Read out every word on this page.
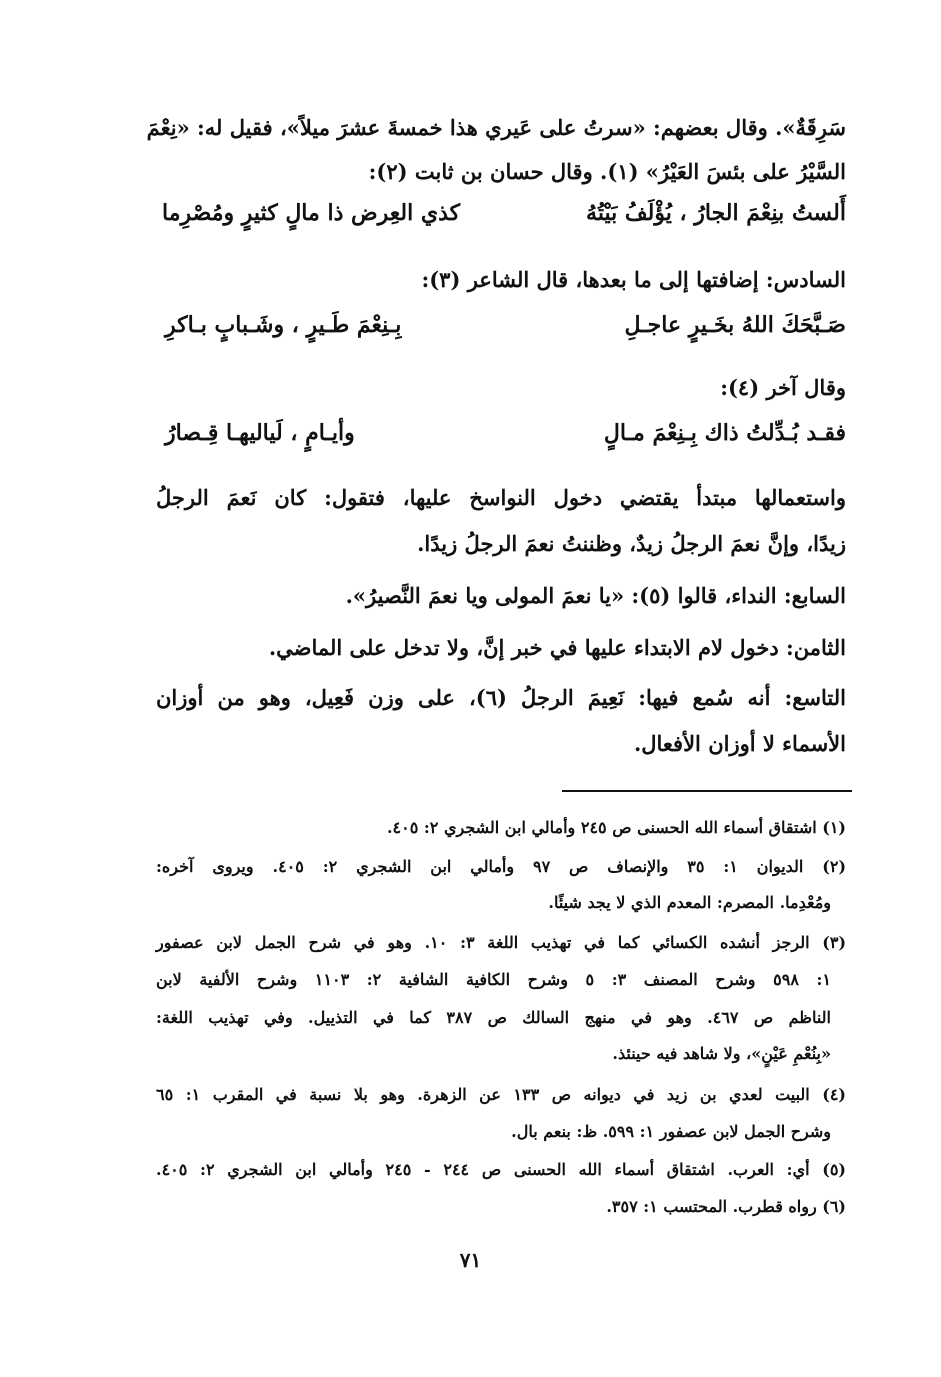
سَرِقَةٌ». وقال بعضهم: «سرتُ على عَيري هذا خمسةَ عشرَ ميلاً»، فقيل له: «نِعْمَ
السَّيْرُ على بئسَ العَيْرُ» (١). وقال حسان بن ثابت (٢):
أَلستُ بنِعْمَ الجارُ ، يُؤْلَفُ بَيْتُهُ
كذي العِرض ذا مالٍ كثيرٍ ومُصْرِما
السادس: إضافتها إلى ما بعدها، قال الشاعر (٣):
صَـبَّحَكَ اللهُ بخَـيرٍ عاجـلِ
بِـنِعْمَ طَـيرٍ ، وشَـبابٍ بـاكرِ
وقال آخر (٤):
فقـد بُـدِّلتُ ذاك بِـنِعْمَ مـالٍ
وأيـامٍ ، لَياليهـا قِـصارُ
واستعمالها مبتدأ يقتضي دخول النواسخ عليها، فتقول: كان نَعمَ الرجلُ
زيدًا، وإنَّ نعمَ الرجلُ زيدٌ، وظننتُ نعمَ الرجلُ زيدًا.
السابع: النداء، قالوا (٥): «يا نعمَ المولى ويا نعمَ النَّصيرُ».
الثامن: دخول لام الابتداء عليها في خبر إنَّ، ولا تدخل على الماضي.
التاسع: أنه سُمع فيها: نَعِيمَ الرجلُ (٦)، على وزن فَعِيل، وهو من أوزان
الأسماء لا أوزان الأفعال.
(١) اشتقاق أسماء الله الحسنى ص ٢٤٥ وأمالي ابن الشجري ٢: ٤٠٥.
(٢) الديوان ١: ٣٥ والإنصاف ص ٩٧ وأمالي ابن الشجري ٢: ٤٠٥. ويروى آخره:
ومُعْدِما. المصرم: المعدم الذي لا يجد شيئًا.
(٣) الرجز أنشده الكسائي كما في تهذيب اللغة ٣: ١٠. وهو في شرح الجمل لابن عصفور
١: ٥٩٨ وشرح المصنف ٣: ٥ وشرح الكافية الشافية ٢: ١١٠٣ وشرح الألفية لابن
الناظم ص ٤٦٧. وهو في منهج السالك ص ٣٨٧ كما في التذييل. وفي تهذيب اللغة:
«بِنُعْمِ عَيْنٍ»، ولا شاهد فيه حينئذ.
(٤) البيت لعدي بن زيد في ديوانه ص ١٣٣ عن الزهرة. وهو بلا نسبة في المقرب ١: ٦٥
وشرح الجمل لابن عصفور ١: ٥٩٩. ظ: بنعم بال.
(٥) أي: العرب. اشتقاق أسماء الله الحسنى ص ٢٤٤ - ٢٤٥ وأمالي ابن الشجري ٢: ٤٠٥.
(٦) رواه قطرب. المحتسب ١: ٣٥٧.
٧١
